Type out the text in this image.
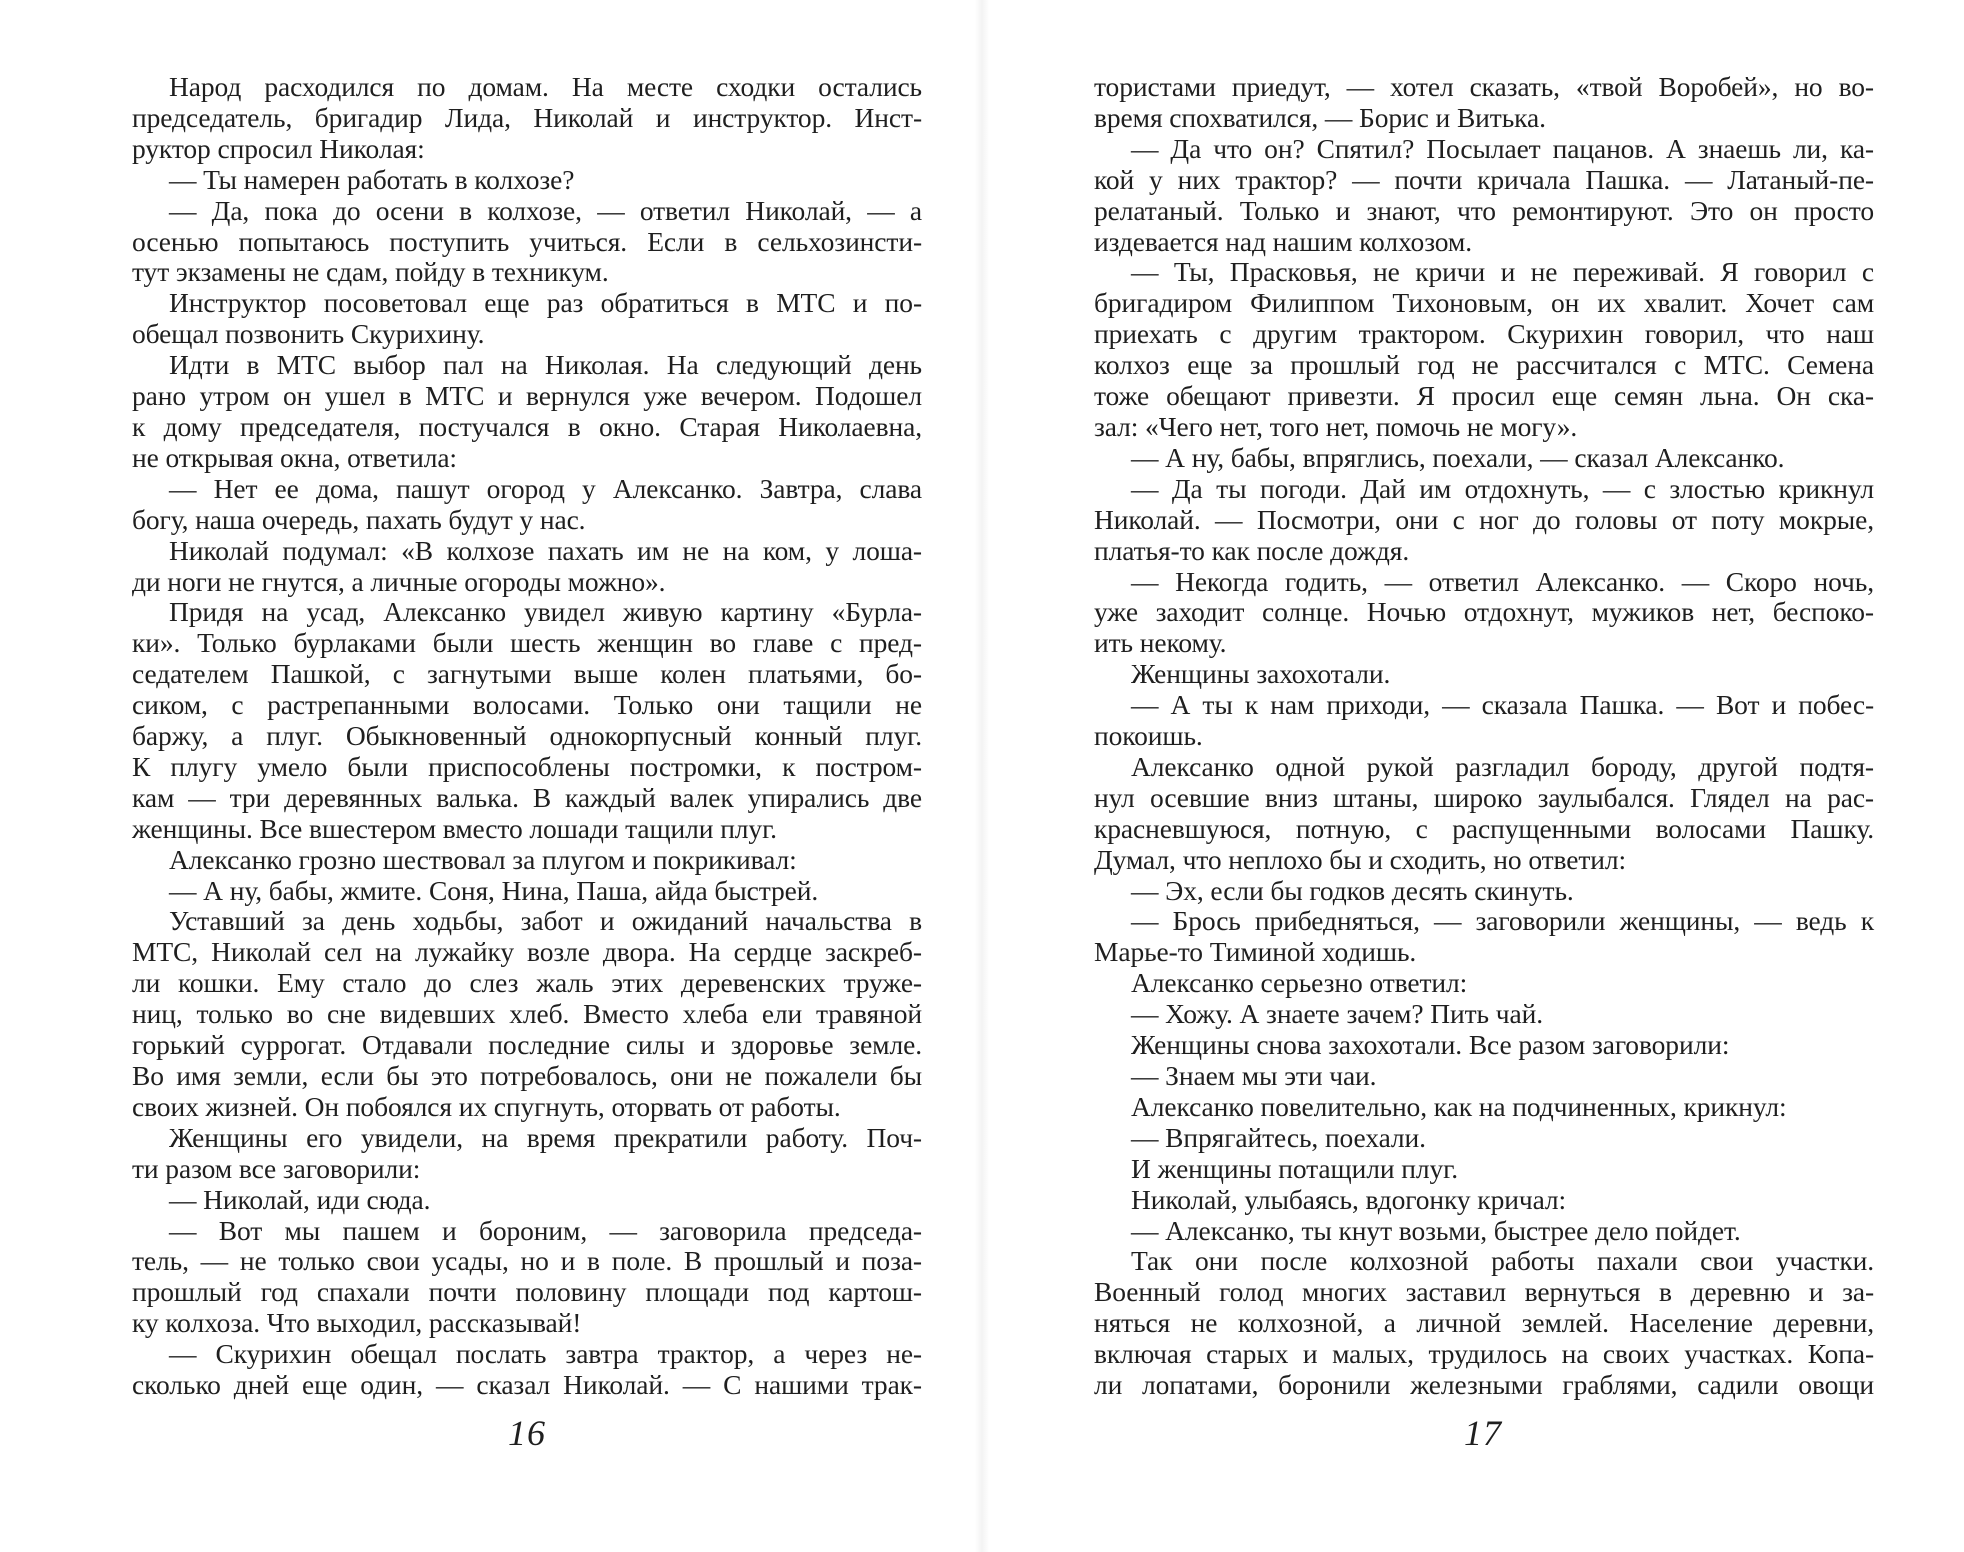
Народ расходился по домам. На месте сходки остались

председатель, бригадир Лида, Николай и инструктор. Инст-

руктор спросил Николая:

— Ты намерен работать в колхозе?

— Да, пока до осени в колхозе, — ответил Николай, — а

осенью попытаюсь поступить учиться. Если в сельхозинсти-

тут экзамены не сдам, пойду в техникум.

Инструктор посоветовал еще раз обратиться в МТС и по-

обещал позвонить Скурихину.

Идти в МТС выбор пал на Николая. На следующий день

рано утром он ушел в МТС и вернулся уже вечером. Подошел

к дому председателя, постучался в окно. Старая Николаевна,

не открывая окна, ответила:

— Нет ее дома, пашут огород у Алексанко. Завтра, слава

богу, наша очередь, пахать будут у нас.

Николай подумал: «В колхозе пахать им не на ком, у лоша-

ди ноги не гнутся, а личные огороды можно».

Придя на усад, Алексанко увидел живую картину «Бурла-

ки». Только бурлаками были шесть женщин во главе с пред-

седателем Пашкой, с загнутыми выше колен платьями, бо-

сиком, с растрепанными волосами. Только они тащили не

баржу, а плуг. Обыкновенный однокорпусный конный плуг.

К плугу умело были приспособлены постромки, к постром-

кам — три деревянных валька. В каждый валек упирались две

женщины. Все вшестером вместо лошади тащили плуг.

Алексанко грозно шествовал за плугом и покрикивал:

— А ну, бабы, жмите. Соня, Нина, Паша, айда быстрей.

Уставший за день ходьбы, забот и ожиданий начальства в

МТС, Николай сел на лужайку возле двора. На сердце заскреб-

ли кошки. Ему стало до слез жаль этих деревенских труже-

ниц, только во сне видевших хлеб. Вместо хлеба ели травяной

горький суррогат. Отдавали последние силы и здоровье земле.

Во имя земли, если бы это потребовалось, они не пожалели бы

своих жизней. Он побоялся их спугнуть, оторвать от работы.

Женщины его увидели, на время прекратили работу. Поч-

ти разом все заговорили:

— Николай, иди сюда.

— Вот мы пашем и бороним, — заговорила председа-

тель, — не только свои усады, но и в поле. В прошлый и поза-

прошлый год спахали почти половину площади под картош-

ку колхоза. Что выходил, рассказывай!

— Скурихин обещал послать завтра трактор, а через не-

сколько дней еще один, — сказал Николай. — С нашими трак-

16

тористами приедут, — хотел сказать, «твой Воробей», но во-

время спохватился, — Борис и Витька.

— Да что он? Спятил? Посылает пацанов. А знаешь ли, ка-

кой у них трактор? — почти кричала Пашка. — Латаный-пе-

релатаный. Только и знают, что ремонтируют. Это он просто

издевается над нашим колхозом.

— Ты, Прасковья, не кричи и не переживай. Я говорил с

бригадиром Филиппом Тихоновым, он их хвалит. Хочет сам

приехать с другим трактором. Скурихин говорил, что наш

колхоз еще за прошлый год не рассчитался с МТС. Семена

тоже обещают привезти. Я просил еще семян льна. Он ска-

зал: «Чего нет, того нет, помочь не могу».

— А ну, бабы, впряглись, поехали, — сказал Алексанко.

— Да ты погоди. Дай им отдохнуть, — с злостью крикнул

Николай. — Посмотри, они с ног до головы от поту мокрые,

платья-то как после дождя.

— Некогда годить, — ответил Алексанко. — Скоро ночь,

уже заходит солнце. Ночью отдохнут, мужиков нет, беспоко-

ить некому.

Женщины захохотали.

— А ты к нам приходи, — сказала Пашка. — Вот и побес-

покоишь.

Алексанко одной рукой разгладил бороду, другой подтя-

нул осевшие вниз штаны, широко заулыбался. Глядел на рас-

красневшуюся, потную, с распущенными волосами Пашку.

Думал, что неплохо бы и сходить, но ответил:

— Эх, если бы годков десять скинуть.

— Брось прибедняться, — заговорили женщины, — ведь к

Марье-то Тиминой ходишь.

Алексанко серьезно ответил:

— Хожу. А знаете зачем? Пить чай.

Женщины снова захохотали. Все разом заговорили:

— Знаем мы эти чаи.

Алексанко повелительно, как на подчиненных, крикнул:

— Впрягайтесь, поехали.

И женщины потащили плуг.

Николай, улыбаясь, вдогонку кричал:

— Алексанко, ты кнут возьми, быстрее дело пойдет.

Так они после колхозной работы пахали свои участки.

Военный голод многих заставил вернуться в деревню и за-

няться не колхозной, а личной землей. Население деревни,

включая старых и малых, трудилось на своих участках. Копа-

ли лопатами, боронили железными граблями, садили овощи

17
